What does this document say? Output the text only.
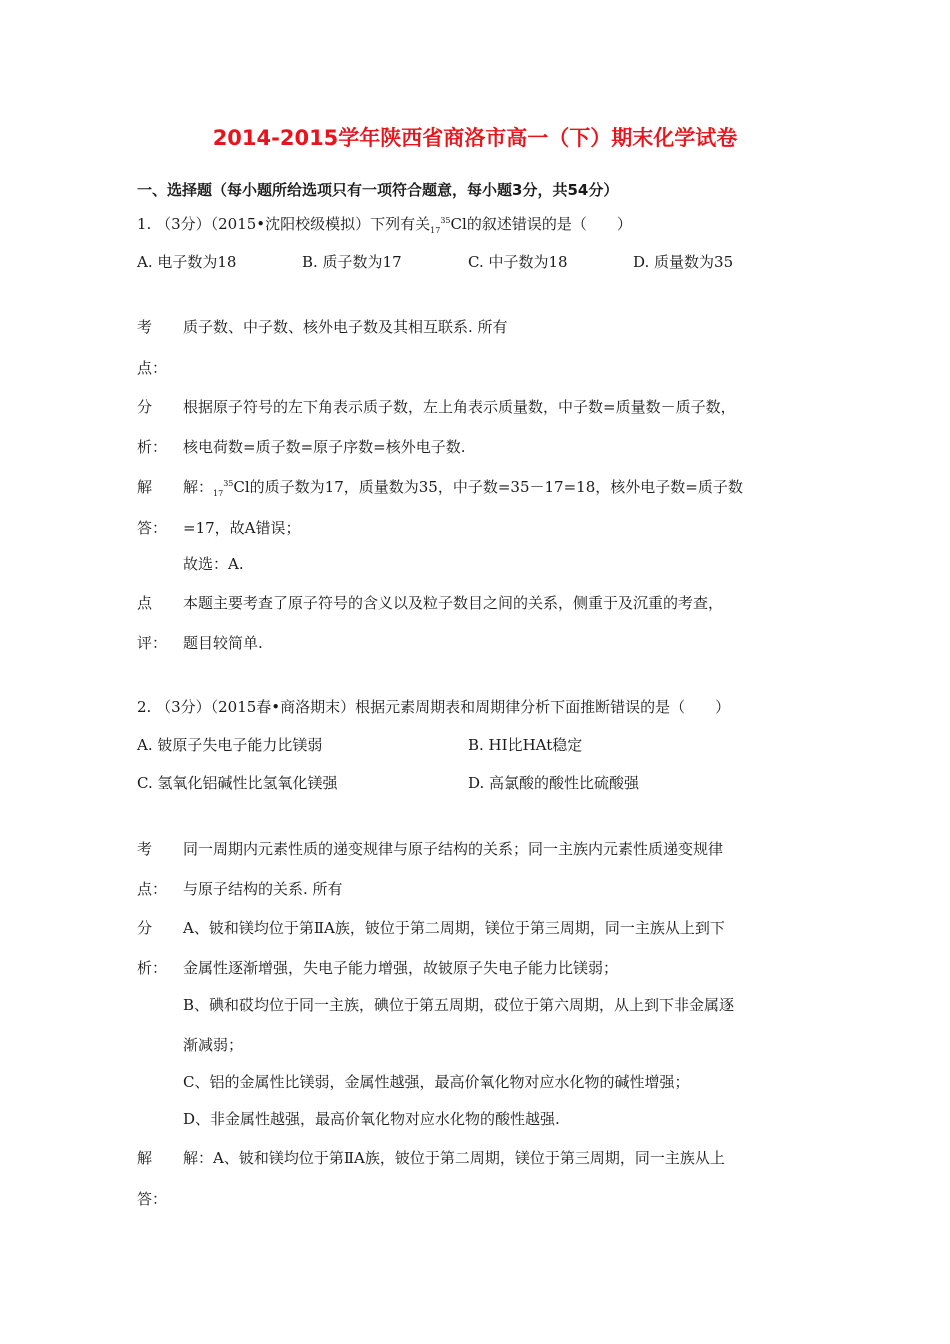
2014-2015学年陕西省商洛市高一（下）期末化学试卷
一、选择题（每小题所给选项只有一项符合题意，每小题3分，共54分）
1. （3分）（2015•沈阳校级模拟）下列有关$_{17}^{35}$Cl的叙述错误的是（　　）
A. 电子数为18	B. 质子数为17	C. 中子数为18	D. 质量数为35
考 质子数、中子数、核外电子数及其相互联系. 所有
点：
分 根据原子符号的左下角表示质子数，左上角表示质量数，中子数=质量数－质子数，
析： 核电荷数=质子数=原子序数=核外电子数.
解 解：$_{17}^{35}$Cl的质子数为17，质量数为35，中子数=35－17=18，核外电子数=质子数
答： =17，故A错误；
故选：A.
点 本题主要考查了原子符号的含义以及粒子数目之间的关系，侧重于及沉重的考查，
评： 题目较简单.
2. （3分）（2015春•商洛期末）根据元素周期表和周期律分析下面推断错误的是（　　）
A. 铍原子失电子能力比镁弱	B. HI比HAt稳定
C. 氢氧化铝碱性比氢氧化镁强	D. 高氯酸的酸性比硫酸强
考 同一周期内元素性质的递变规律与原子结构的关系；同一主族内元素性质递变规律
点： 与原子结构的关系. 所有
分 A、铍和镁均位于第ⅡA族，铍位于第二周期，镁位于第三周期，同一主族从上到下
析： 金属性逐渐增强，失电子能力增强，故铍原子失电子能力比镁弱；
B、碘和砹均位于同一主族，碘位于第五周期，砹位于第六周期，从上到下非金属逐
渐减弱；
C、铝的金属性比镁弱，金属性越强，最高价氧化物对应水化物的碱性增强；
D、非金属性越强，最高价氧化物对应水化物的酸性越强.
解 解：A、铍和镁均位于第ⅡA族，铍位于第二周期，镁位于第三周期，同一主族从上
答：
